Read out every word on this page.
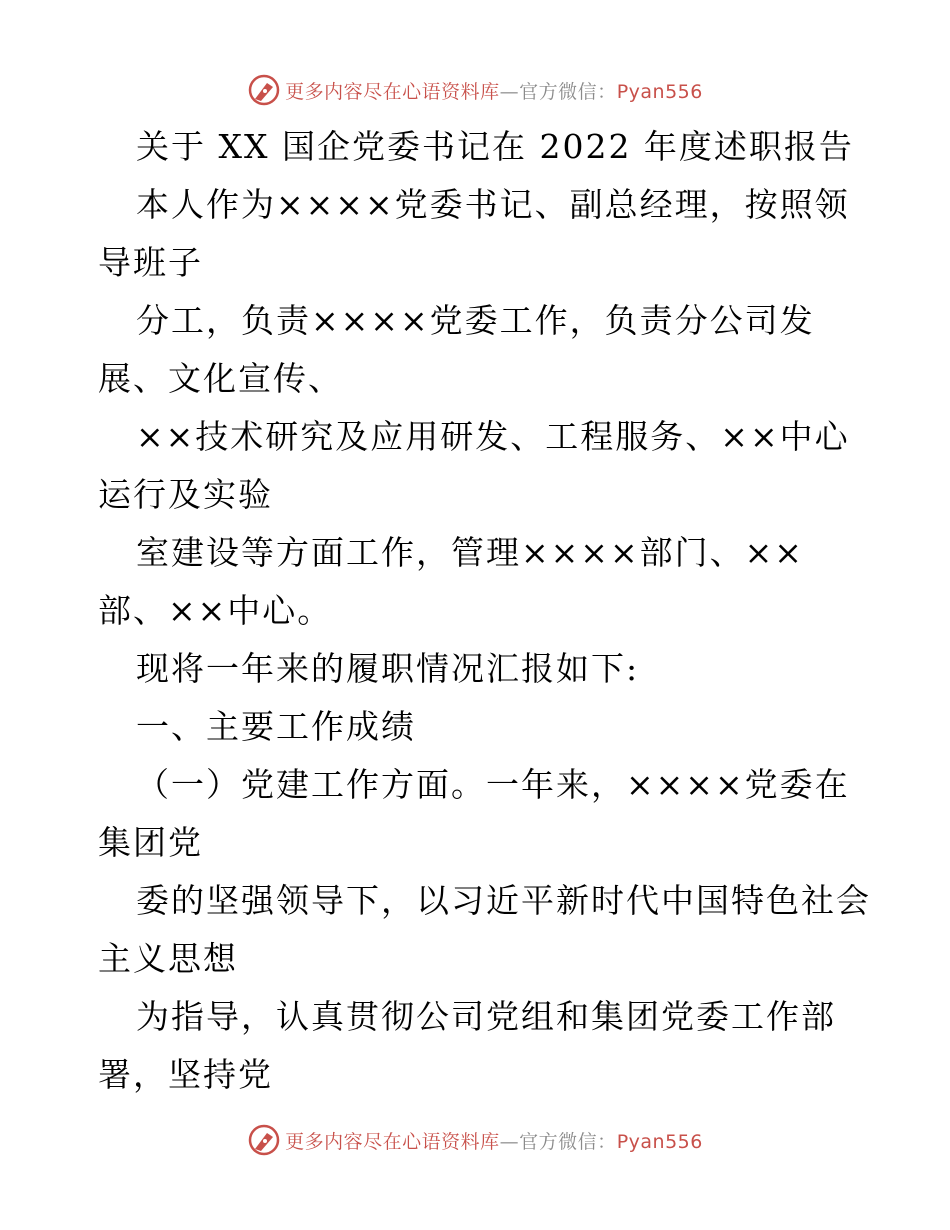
更多内容尽在心语资料库—官方微信：Pyan556
关于 XX 国企党委书记在 2022 年度述职报告
本人作为××××党委书记、副总经理，按照领
导班子
分工，负责××××党委工作，负责分公司发
展、文化宣传、
××技术研究及应用研发、工程服务、××中心
运行及实验
室建设等方面工作，管理××××部门、××
部、××中心。
现将一年来的履职情况汇报如下:
一、主要工作成绩
（一）党建工作方面。一年来，××××党委在
集团党
委的坚强领导下，以习近平新时代中国特色社会
主义思想
为指导，认真贯彻公司党组和集团党委工作部
署，坚持党
更多内容尽在心语资料库—官方微信：Pyan556
